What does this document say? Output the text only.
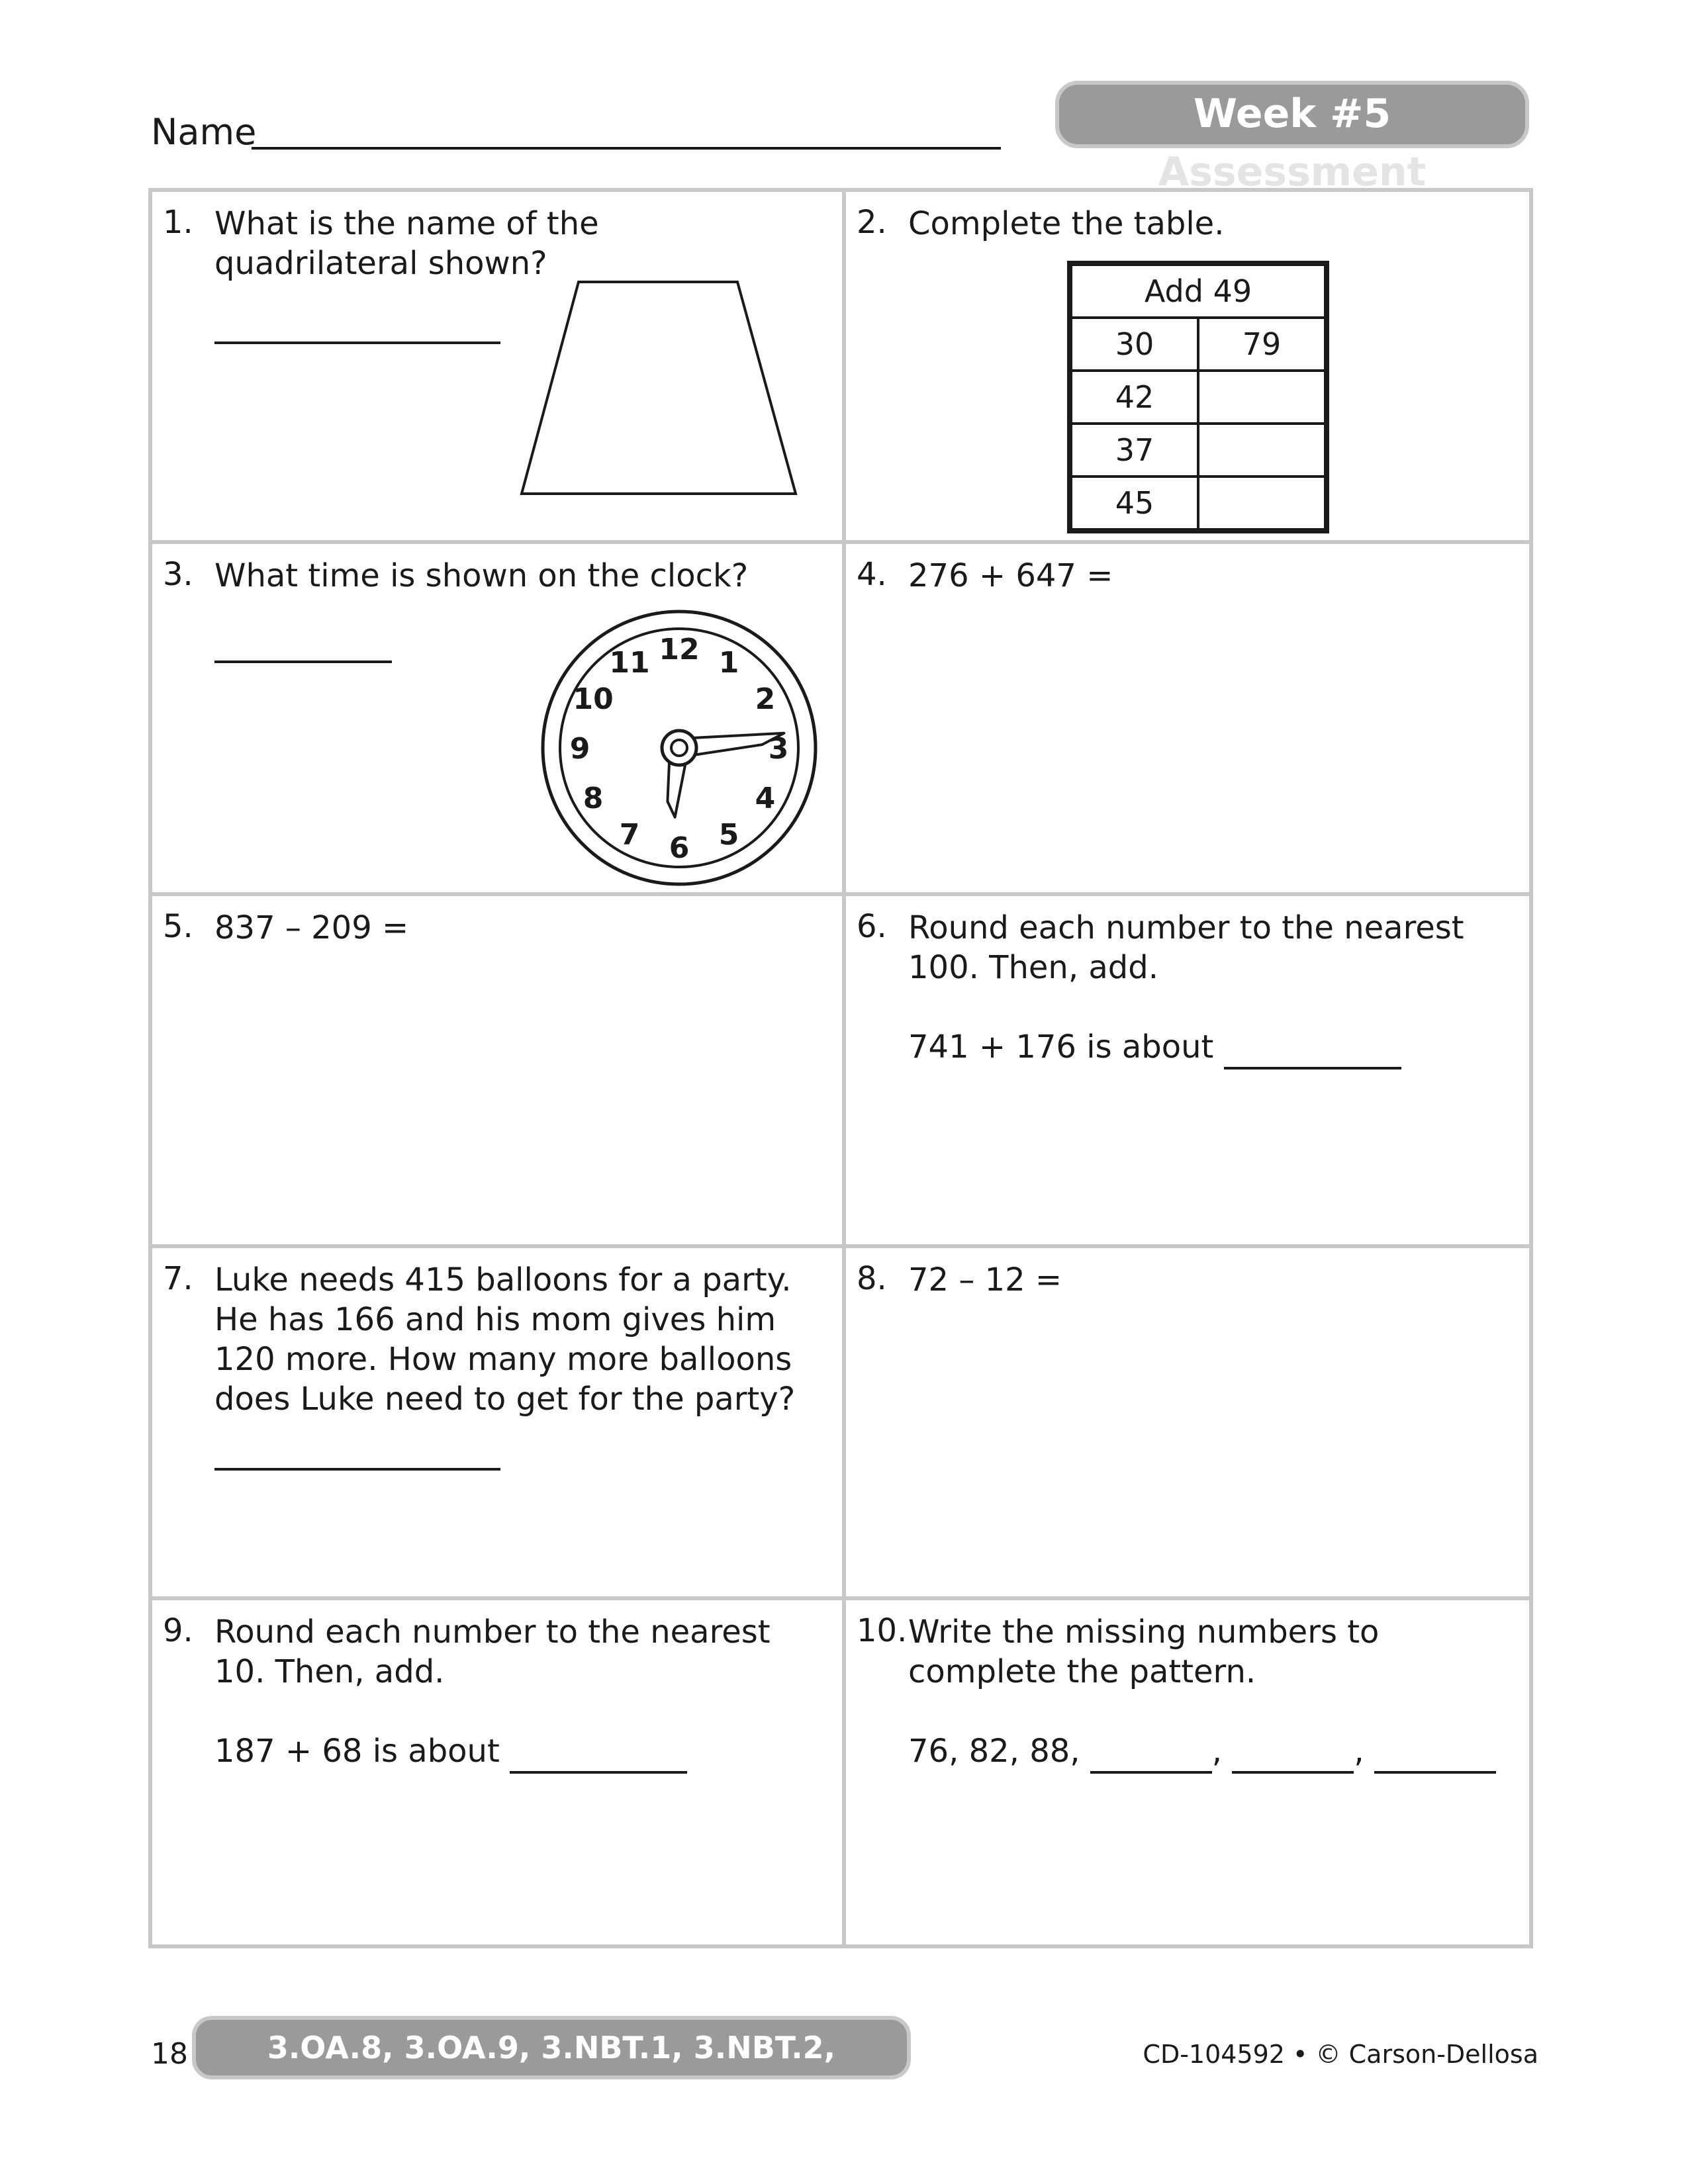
Name	Week #5 Assessment
1. What is the name of the quadrilateral shown?
2. Complete the table.
Add 49	
30	79
42	
37	
45	
3. What time is shown on the clock?
12 1
2
3
4
5
6
7
8
9
10
11
4. 276 + 647 =
5. 837 – 209 =	6. Round each number to the nearest 100. Then, add.

741 + 176 is about

7. Luke needs 415 balloons for a party. He has 166 and his mom gives him 120 more. How many more balloons does Luke need to get for the party?
8. 72 – 12 =
9. Round each number to the nearest 10. Then, add.

187 + 68 is about

10. Write the missing numbers to complete the pattern.

76, 82, 88,	,	,

18	3.OA.8, 3.OA.9, 3.NBT.1, 3.NBT.2, 3.MD.1, 3.G.1
CD-104592 • © Carson-Dellosa
